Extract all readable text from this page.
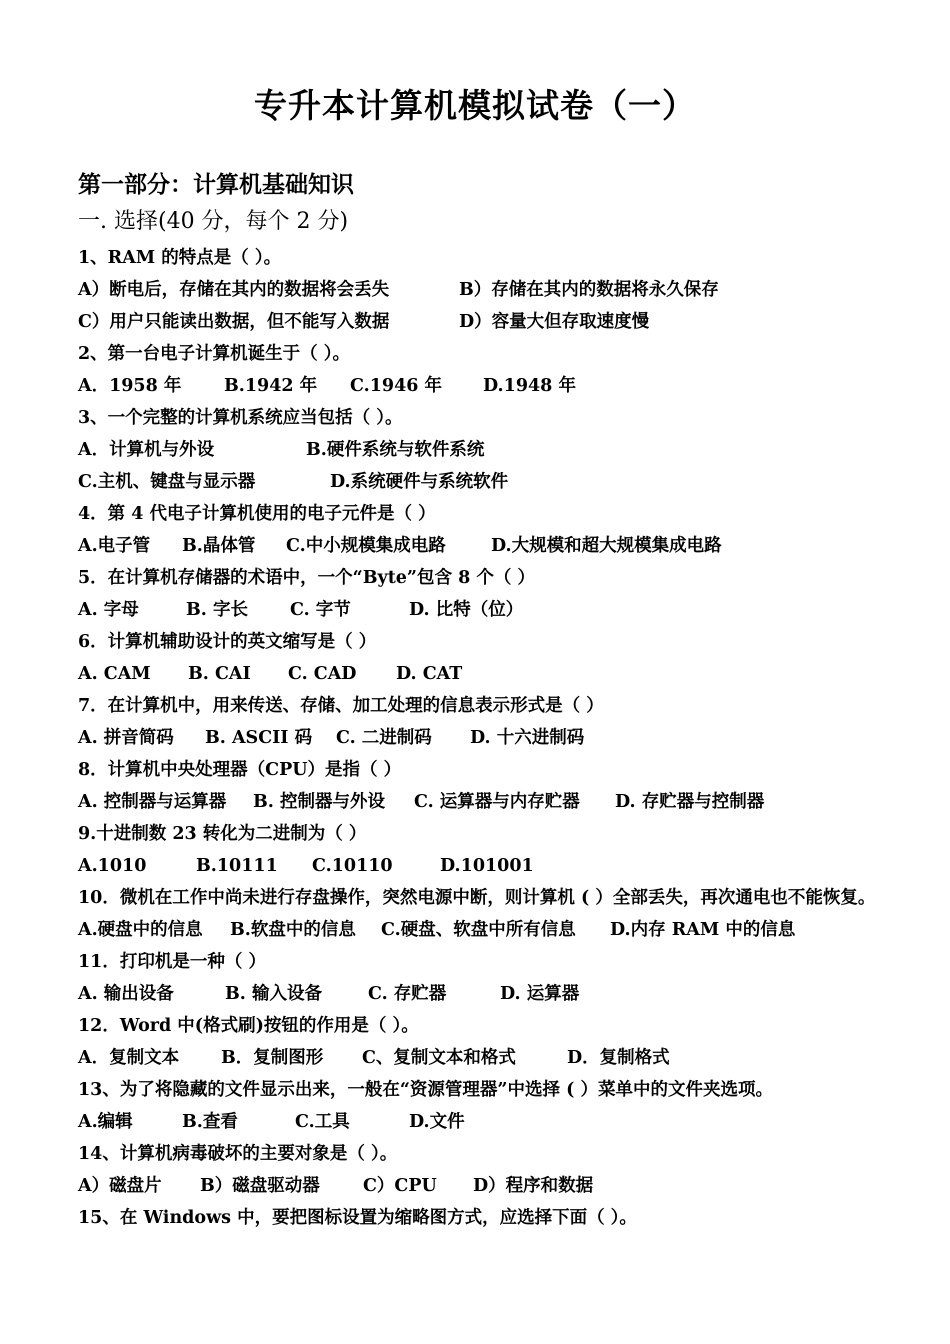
专升本计算机模拟试卷（一）
第一部分：计算机基础知识
一. 选择(40 分，每个 2 分)
1、RAM 的特点是（ ）。
A）断电后，存储在其内的数据将会丢失	B）存储在其内的数据将永久保存
C）用户只能读出数据，但不能写入数据	D）容量大但存取速度慢
2、第一台电子计算机诞生于（ ）。
A．1958 年 B.1942 年 C.1946 年 D.1948 年
3、一个完整的计算机系统应当包括（ ）。
A．计算机与外设	B.硬件系统与软件系统
C.主机、键盘与显示器	D.系统硬件与系统软件
4．第 4 代电子计算机使用的电子元件是（ ）
A.电子管 B.晶体管 C.中小规模集成电路	D.大规模和超大规模集成电路
5．在计算机存储器的术语中，一个“Byte”包含 8 个（ ）
A. 字母	B. 字长 C. 字节	D. 比特（位）
6．计算机辅助设计的英文缩写是（ ）
A. CAM B. CAI C. CAD D. CAT
7．在计算机中，用来传送、存储、加工处理的信息表示形式是（ ）
A. 拼音简码 B. ASCII 码 C. 二进制码 D. 十六进制码
8．计算机中央处理器（CPU）是指（ ）
A. 控制器与运算器 B. 控制器与外设 C. 运算器与内存贮器 D. 存贮器与控制器
9.十进制数 23 转化为二进制为（ ）
A.1010	B.10111 C.10110	D.101001
10．微机在工作中尚未进行存盘操作，突然电源中断，则计算机 ( ）全部丢失，再次通电也不能恢复。
A.硬盘中的信息 B.软盘中的信息 C.硬盘、软盘中所有信息 D.内存 RAM 中的信息
11．打印机是一种（ ）
A. 输出设备	B. 输入设备	C. 存贮器	D. 运算器
12．Word 中(格式刷)按钮的作用是（ ）。
A．复制文本 B．复制图形 C、复制文本和格式	D．复制格式
13、为了将隐藏的文件显示出来，一般在“资源管理器”中选择 ( ）菜单中的文件夹选项。
A.编辑	B.查看	C.工具	D.文件
14、计算机病毒破坏的主要对象是（ ）。
A）磁盘片 B）磁盘驱动器 C）CPU D）程序和数据
15、在 Windows 中，要把图标设置为缩略图方式，应选择下面（ ）。
